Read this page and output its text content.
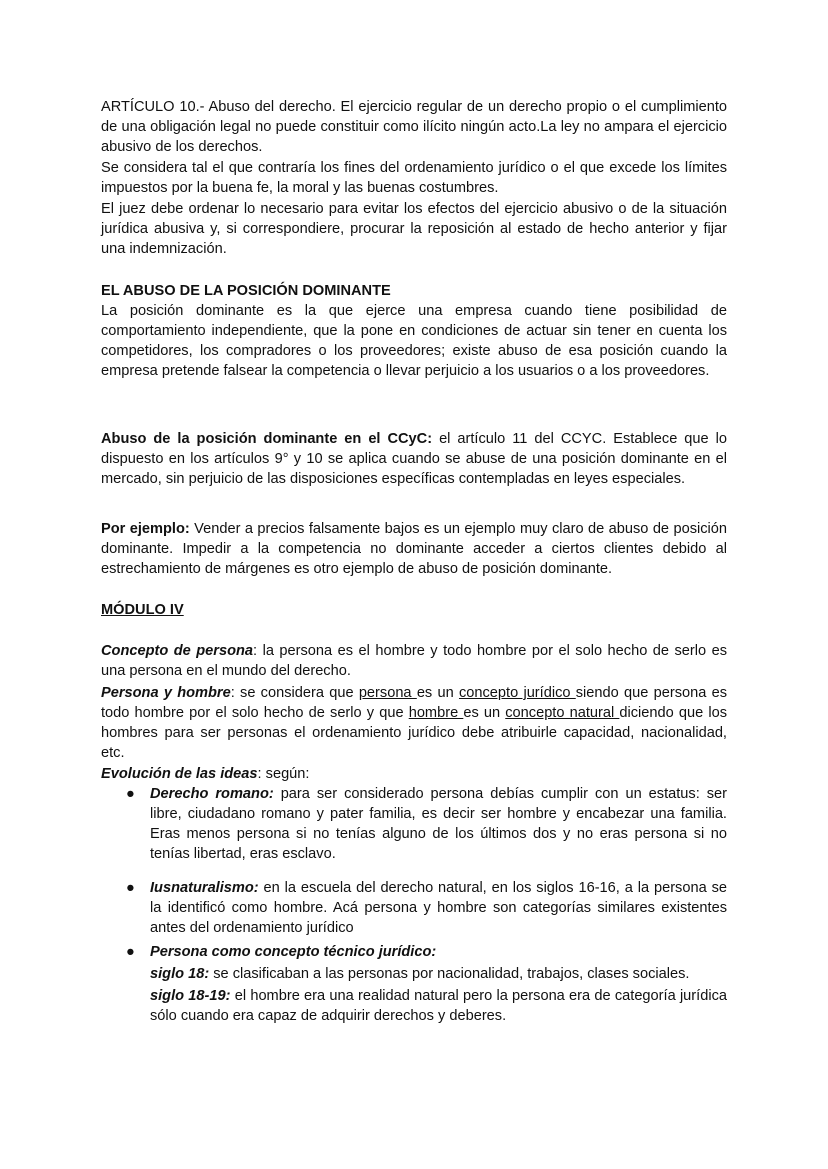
ARTÍCULO 10.- Abuso del derecho. El ejercicio regular de un derecho propio o el cumplimiento de una obligación legal no puede constituir como ilícito ningún acto.La ley no ampara el ejercicio abusivo de los derechos.

Se considera tal el que contraría los fines del ordenamiento jurídico o el que excede los límites impuestos por la buena fe, la moral y las buenas costumbres.

El juez debe ordenar lo necesario para evitar los efectos del ejercicio abusivo o de la situación jurídica abusiva y, si correspondiere, procurar la reposición al estado de hecho anterior y fijar una indemnización.

EL ABUSO DE LA POSICIÓN DOMINANTE

La posición dominante es la que ejerce una empresa cuando tiene posibilidad de comportamiento independiente, que la pone en condiciones de actuar sin tener en cuenta los competidores, los compradores o los proveedores; existe abuso de esa posición cuando la empresa pretende falsear la competencia o llevar perjuicio a los usuarios o a los proveedores.

Abuso de la posición dominante en el CCyC: el artículo 11 del CCYC. Establece que lo dispuesto en los artículos 9° y 10 se aplica cuando se abuse de una posición dominante en el mercado, sin perjuicio de las disposiciones específicas contempladas en leyes especiales.

Por ejemplo: Vender a precios falsamente bajos es un ejemplo muy claro de abuso de posición dominante. Impedir a la competencia no dominante acceder a ciertos clientes debido al estrechamiento de márgenes es otro ejemplo de abuso de posición dominante.

MÓDULO IV

Concepto de persona: la persona es el hombre y todo hombre por el solo hecho de serlo es una persona en el mundo del derecho.

Persona y hombre: se considera que persona es un concepto jurídico siendo que persona es todo hombre por el solo hecho de serlo y que hombre es un concepto natural diciendo que los hombres para ser personas el ordenamiento jurídico debe atribuirle capacidad, nacionalidad, etc.

Evolución de las ideas: según:

● Derecho romano: para ser considerado persona debías cumplir con un estatus: ser libre, ciudadano romano y pater familia, es decir ser hombre y encabezar una familia. Eras menos persona si no tenías alguno de los últimos dos y no eras persona si no tenías libertad, eras esclavo.
● Iusnaturalismo: en la escuela del derecho natural, en los siglos 16-16, a la persona se la identificó como hombre. Acá persona y hombre son categorías similares existentes antes del ordenamiento jurídico
● Persona como concepto técnico jurídico:
siglo 18: se clasificaban a las personas por nacionalidad, trabajos, clases sociales.
siglo 18-19: el hombre era una realidad natural pero la persona era de categoría jurídica sólo cuando era capaz de adquirir derechos y deberes.
